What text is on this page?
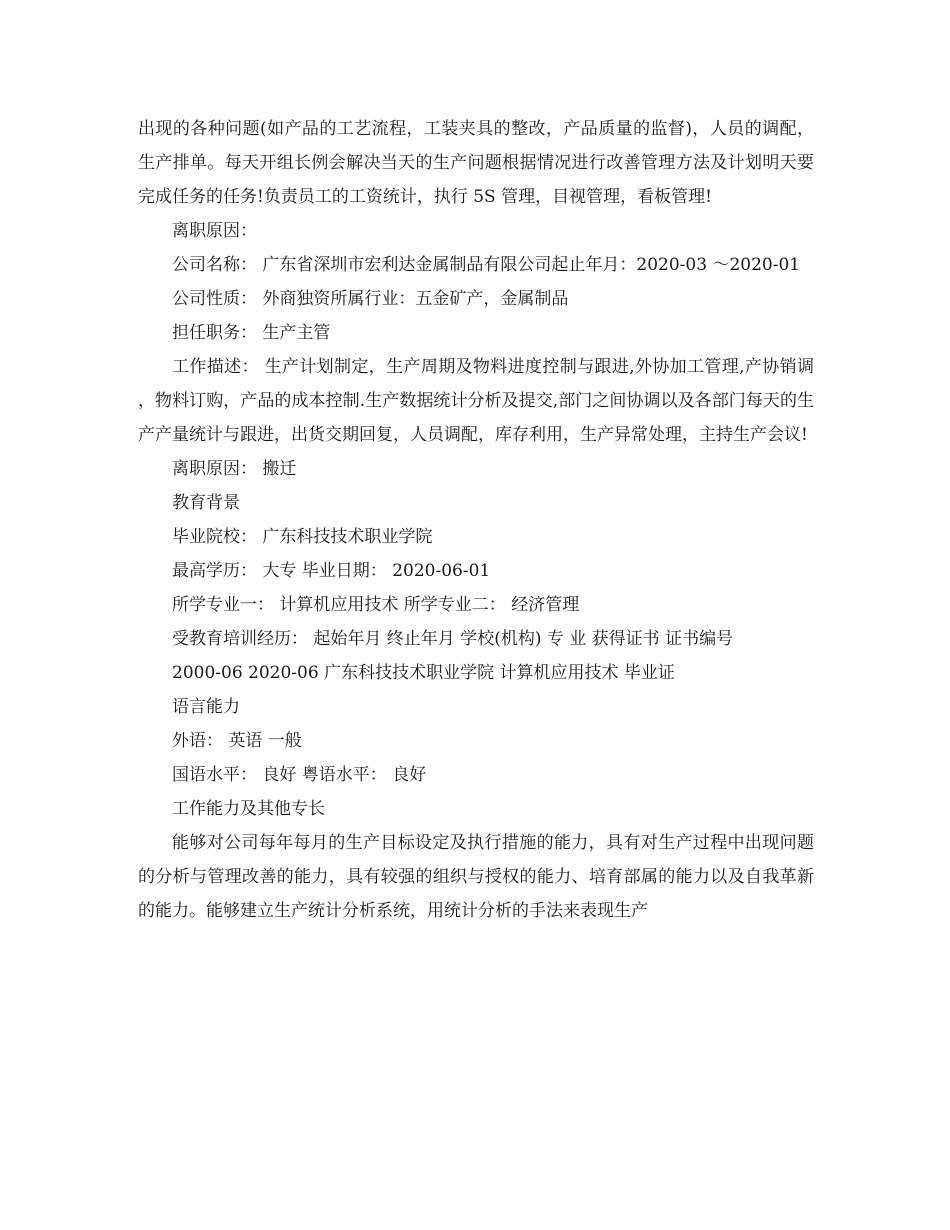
出现的各种问题(如产品的工艺流程，工装夹具的整改，产品质量的监督)，人员的调配，生产排单。每天开组长例会解决当天的生产问题根据情况进行改善管理方法及计划明天要完成任务的任务!负责员工的工资统计，执行 5S 管理，目视管理，看板管理!

离职原因：

公司名称： 广东省深圳市宏利达金属制品有限公司起止年月：2020-03 ～2020-01

公司性质： 外商独资所属行业：五金矿产，金属制品

担任职务： 生产主管

工作描述： 生产计划制定，生产周期及物料进度控制与跟进,外协加工管理,产协销调 ，物料订购，产品的成本控制.生产数据统计分析及提交,部门之间协调以及各部门每天的生产产量统计与跟进，出货交期回复，人员调配，库存利用，生产异常处理，主持生产会议!

离职原因： 搬迁

教育背景

毕业院校： 广东科技技术职业学院

最高学历： 大专 毕业日期： 2020-06-01

所学专业一： 计算机应用技术 所学专业二： 经济管理

受教育培训经历： 起始年月 终止年月 学校(机构) 专 业 获得证书 证书编号

2000-06 2020-06 广东科技技术职业学院 计算机应用技术 毕业证

语言能力

外语： 英语 一般

国语水平： 良好 粤语水平： 良好

工作能力及其他专长

能够对公司每年每月的生产目标设定及执行措施的能力，具有对生产过程中出现问题的分析与管理改善的能力，具有较强的组织与授权的能力、培育部属的能力以及自我革新的能力。能够建立生产统计分析系统，用统计分析的手法来表现生产
